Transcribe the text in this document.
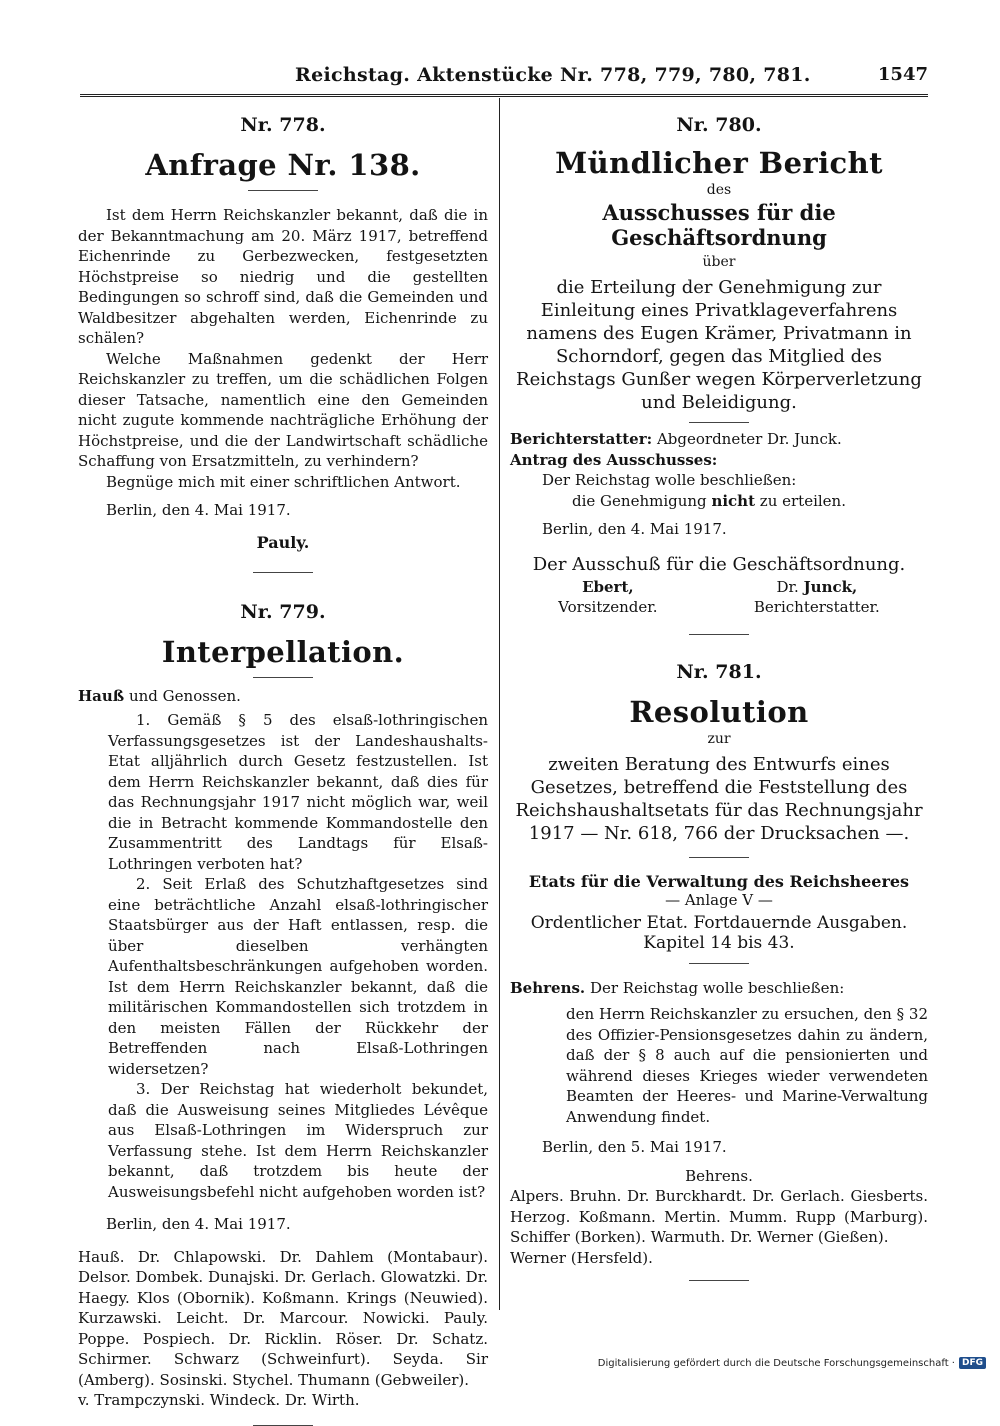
Reichstag. Aktenstücke Nr. 778, 779, 780, 781.	1547

Nr. 778.

Anfrage Nr. 138.

Ist dem Herrn Reichskanzler bekannt, daß die in der Bekanntmachung am 20. März 1917, betreffend Eichenrinde zu Gerbezwecken, festgesetzten Höchstpreise so niedrig und die gestellten Bedingungen so schroff sind, daß die Gemeinden und Waldbesitzer abgehalten werden, Eichenrinde zu schälen?

Welche Maßnahmen gedenkt der Herr Reichskanzler zu treffen, um die schädlichen Folgen dieser Tatsache, namentlich eine den Gemeinden nicht zugute kommende nachträgliche Erhöhung der Höchstpreise, und die der Landwirtschaft schädliche Schaffung von Ersatzmitteln, zu verhindern?

Begnüge mich mit einer schriftlichen Antwort.

Berlin, den 4. Mai 1917.

Pauly.

Nr. 779.

Interpellation.

Hauß und Genossen.

1. Gemäß § 5 des elsaß-lothringischen Verfassungsgesetzes ist der Landeshaushalts-Etat alljährlich durch Gesetz festzustellen. Ist dem Herrn Reichskanzler bekannt, daß dies für das Rechnungsjahr 1917 nicht möglich war, weil die in Betracht kommende Kommandostelle den Zusammentritt des Landtags für Elsaß-Lothringen verboten hat?

2. Seit Erlaß des Schutzhaftgesetzes sind eine beträchtliche Anzahl elsaß-lothringischer Staatsbürger aus der Haft entlassen, resp. die über dieselben verhängten Aufenthaltsbeschränkungen aufgehoben worden. Ist dem Herrn Reichskanzler bekannt, daß die militärischen Kommandostellen sich trotzdem in den meisten Fällen der Rückkehr der Betreffenden nach Elsaß-Lothringen widersetzen?

3. Der Reichstag hat wiederholt bekundet, daß die Ausweisung seines Mitgliedes Lévêque aus Elsaß-Lothringen im Widerspruch zur Verfassung stehe. Ist dem Herrn Reichskanzler bekannt, daß trotzdem bis heute der Ausweisungsbefehl nicht aufgehoben worden ist?

Berlin, den 4. Mai 1917.

Hauß. Dr. Chlapowski. Dr. Dahlem (Montabaur). Delsor. Dombek. Dunajski. Dr. Gerlach. Glowatzki. Dr. Haegy. Klos (Obornik). Koßmann. Krings (Neuwied). Kurzawski. Leicht. Dr. Marcour. Nowicki. Pauly. Poppe. Pospiech. Dr. Ricklin. Röser. Dr. Schatz. Schirmer. Schwarz (Schweinfurt). Seyda. Sir (Amberg). Sosinski. Stychel. Thumann (Gebweiler).

v. Trampczynski. Windeck. Dr. Wirth.

Nr. 780.

Mündlicher Bericht

des

Ausschusses für die Geschäftsordnung

über

die Erteilung der Genehmigung zur Einleitung eines Privatklageverfahrens namens des Eugen Krämer, Privatmann in Schorndorf, gegen das Mitglied des Reichstags Gunßer wegen Körperverletzung und Beleidigung.

Berichterstatter: Abgeordneter Dr. Junck.

Antrag des Ausschusses:

Der Reichstag wolle beschließen:

die Genehmigung nicht zu erteilen.

Berlin, den 4. Mai 1917.

Der Ausschuß für die Geschäftsordnung.

Ebert,
Vorsitzender.
Dr. Junck,
Berichterstatter.

Nr. 781.

Resolution

zur

zweiten Beratung des Entwurfs eines Gesetzes, betreffend die Feststellung des Reichshaushaltsetats für das Rechnungsjahr 1917 — Nr. 618, 766 der Drucksachen —.

Etats für die Verwaltung des Reichsheeres

— Anlage V —

Ordentlicher Etat. Fortdauernde Ausgaben.

Kapitel 14 bis 43.

Behrens. Der Reichstag wolle beschließen:

den Herrn Reichskanzler zu ersuchen, den § 32 des Offizier-Pensionsgesetzes dahin zu ändern, daß der § 8 auch auf die pensionierten und während dieses Krieges wieder verwendeten Beamten der Heeres- und Marine-Verwaltung Anwendung findet.

Berlin, den 5. Mai 1917.

Behrens.

Alpers. Bruhn. Dr. Burckhardt. Dr. Gerlach. Giesberts. Herzog. Koßmann. Mertin. Mumm. Rupp (Marburg). Schiffer (Borken). Warmuth. Dr. Werner (Gießen).

Werner (Hersfeld).

Digitalisierung gefördert durch die Deutsche Forschungsgemeinschaft · DFG
